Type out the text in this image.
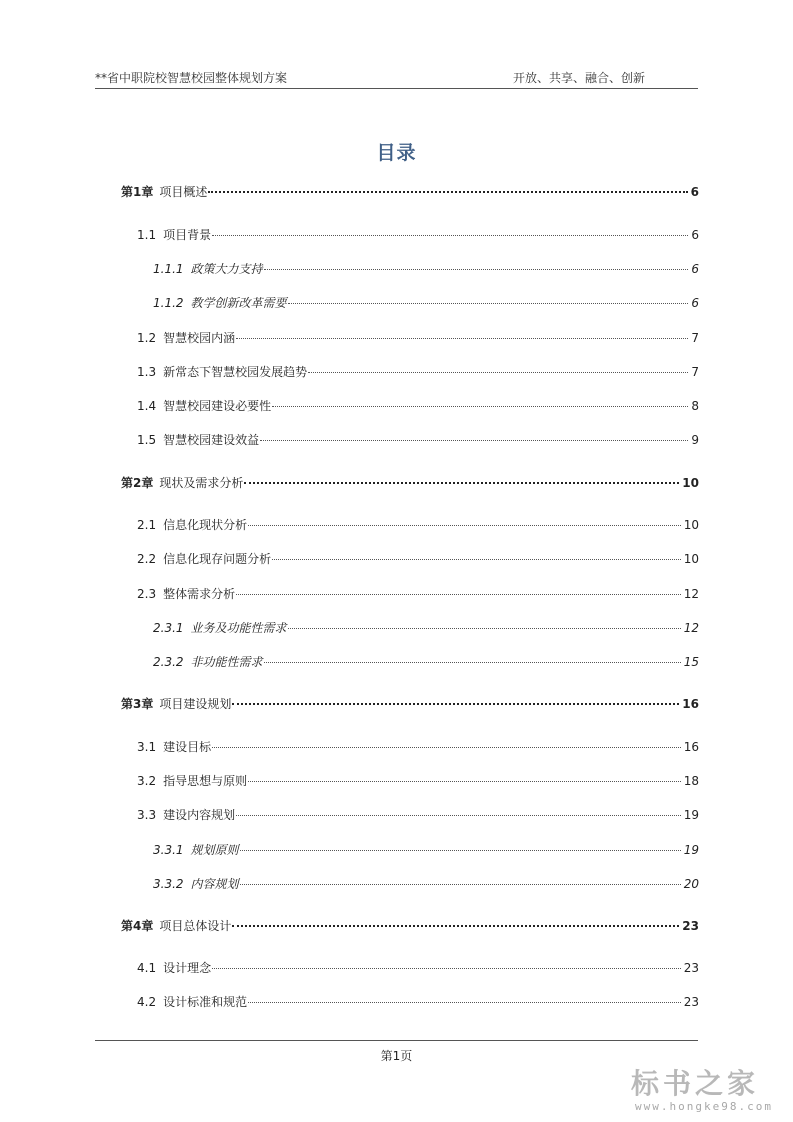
**省中职院校智慧校园整体规划方案	开放、共享、融合、创新
目录
第1章 项目概述	6
1.1 项目背景	6
1.1.1 政策大力支持	6
1.1.2 教学创新改革需要	6
1.2 智慧校园内涵	7
1.3 新常态下智慧校园发展趋势	7
1.4 智慧校园建设必要性	8
1.5 智慧校园建设效益	9
第2章 现状及需求分析	10
2.1 信息化现状分析	10
2.2 信息化现存问题分析	10
2.3 整体需求分析	12
2.3.1 业务及功能性需求	12
2.3.2 非功能性需求	15
第3章 项目建设规划	16
3.1 建设目标	16
3.2 指导思想与原则	18
3.3 建设内容规划	19
3.3.1 规划原则	19
3.3.2 内容规划	20
第4章 项目总体设计	23
4.1 设计理念	23
4.2 设计标准和规范	23
第1页
标书之家
www.hongke98.com
